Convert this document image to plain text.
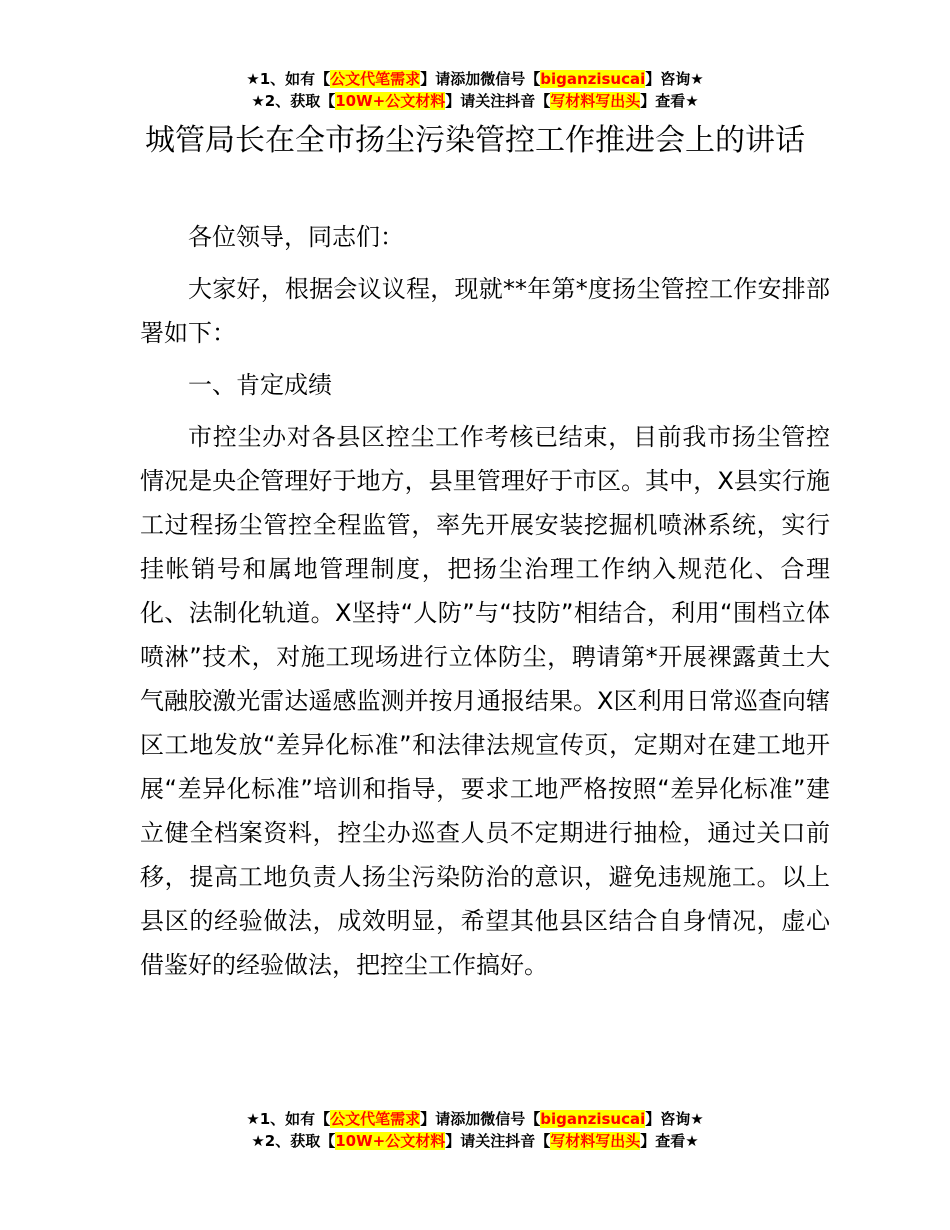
★1、如有【公文代笔需求】请添加微信号【biganzisucai】咨询★
★2、获取【10W+公文材料】请关注抖音【写材料写出头】查看★
城管局长在全市扬尘污染管控工作推进会上的讲话

各位领导，同志们：

大家好，根据会议议程，现就**年第*度扬尘管控工作安排部署如下：

一、肯定成绩

市控尘办对各县区控尘工作考核已结束，目前我市扬尘管控情况是央企管理好于地方，县里管理好于市区。其中，X县实行施工过程扬尘管控全程监管，率先开展安装挖掘机喷淋系统，实行挂帐销号和属地管理制度，把扬尘治理工作纳入规范化、合理化、法制化轨道。X坚持“人防”与“技防”相结合，利用“围档立体喷淋”技术，对施工现场进行立体防尘，聘请第*开展裸露黄土大气融胶激光雷达遥感监测并按月通报结果。X区利用日常巡查向辖区工地发放“差异化标准”和法律法规宣传页，定期对在建工地开展“差异化标准”培训和指导，要求工地严格按照“差异化标准”建立健全档案资料，控尘办巡查人员不定期进行抽检，通过关口前移，提高工地负责人扬尘污染防治的意识，避免违规施工。以上县区的经验做法，成效明显，希望其他县区结合自身情况，虚心借鉴好的经验做法，把控尘工作搞好。

★1、如有【公文代笔需求】请添加微信号【biganzisucai】咨询★
★2、获取【10W+公文材料】请关注抖音【写材料写出头】查看★
